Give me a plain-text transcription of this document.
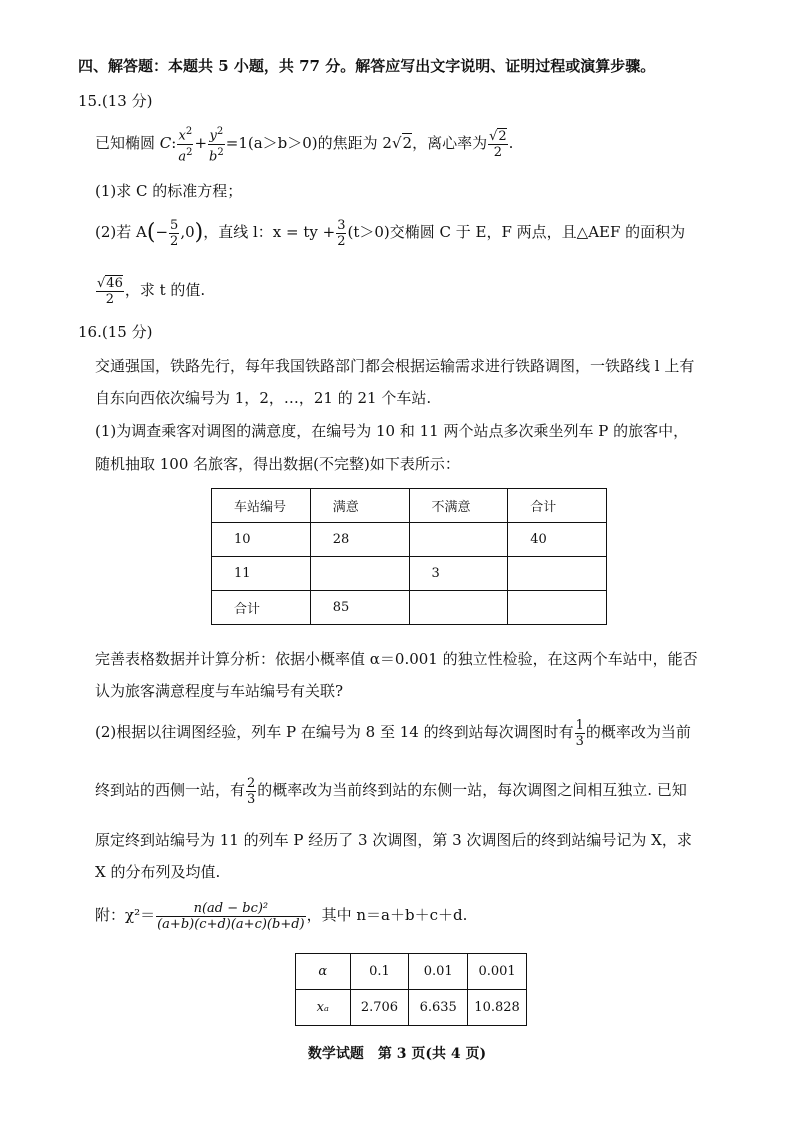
四、解答题：本题共 5 小题，共 77 分。解答应写出文字说明、证明过程或演算步骤。
15.(13 分)
已知椭圆 C: $\frac{x^2}{a^2} + \frac{y^2}{b^2} =1(a>b>0)$的焦距为 2√2，离心率为 $\frac{√2}{2}$ .
(1)求 C 的标准方程；
(2)若 $A(- \frac{5}{2} ,0)$，直线 l：x = ty + $\frac{3}{2} (t>0)$交椭圆 C 于 E，F 两点，且△AEF 的面积为
$\frac{√46}{2}$ ，求 t 的值.
16.(15 分)
交通强国，铁路先行，每年我国铁路部门都会根据运输需求进行铁路调图，一铁路线 l 上有
自东向西依次编号为 1，2，…，21 的 21 个车站.
(1)为调查乘客对调图的满意度，在编号为 10 和 11 两个站点多次乘坐列车 P 的旅客中，
随机抽取 100 名旅客，得出数据(不完整)如下表所示：
车站编号	满意	不满意	合计
10	28		40
11		3	
合计	85		
完善表格数据并计算分析：依据小概率值 α＝0.001 的独立性检验，在这两个车站中，能否
认为旅客满意程度与车站编号有关联?
(2)根据以往调图经验，列车 P 在编号为 8 至 14 的终到站每次调图时有 $\frac{1}{3}$ 的概率改为当前
终到站的西侧一站，有 $\frac{2}{3}$ 的概率改为当前终到站的东侧一站，每次调图之间相互独立. 已知
原定终到站编号为 11 的列车 P 经历了 3 次调图，第 3 次调图后的终到站编号记为 X，求
X 的分布列及均值.
附：$\chi^2= \frac{\text{n(ad − bc)²}}{(a+b)(c+d)(a+c)(b+d)}$ ，其中 n＝a＋b＋c＋d.
α	0.1	0.01	0.001
xₐ	2.706	6.635	10.828
数学试题　第 3 页(共 4 页)
